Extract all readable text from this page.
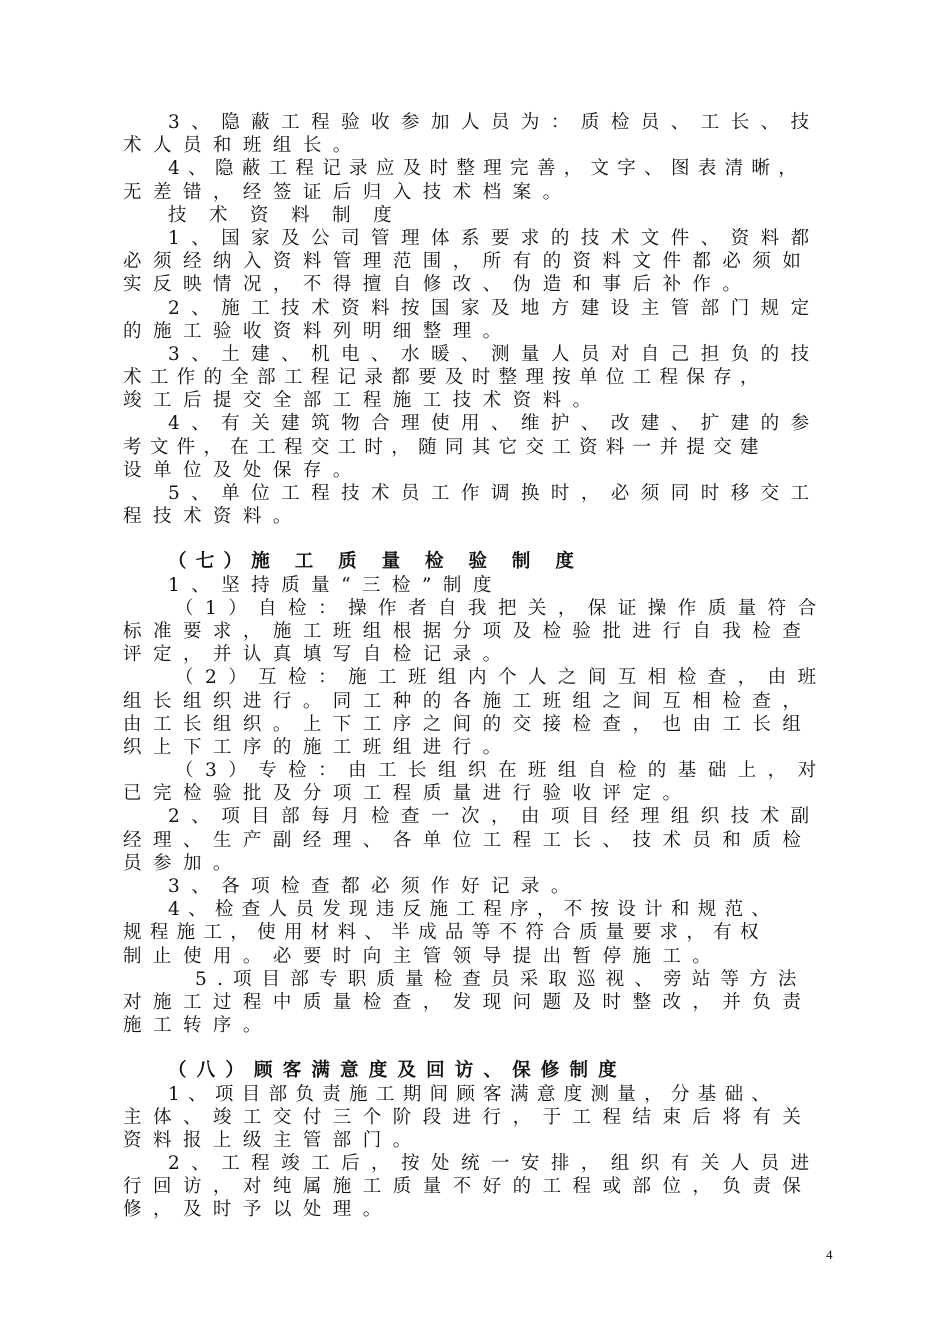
3、隐蔽工程验收参加人员为：质检员、工长、技
术人员和班组长。
4、隐蔽工程记录应及时整理完善，文字、图表清晰，
无差错，经签证后归入技术档案。
技 术 资 料 制 度
1、国家及公司管理体系要求的技术文件、资料都
必须经纳入资料管理范围，所有的资料文件都必须如
实反映情况，不得擅自修改、伪造和事后补作。
2、施工技术资料按国家及地方建设主管部门规定
的施工验收资料列明细整理。
3、土建、机电、水暖、测量人员对自己担负的技
术工作的全部工程记录都要及时整理按单位工程保存，
竣工后提交全部工程施工技术资料。
4、有关建筑物合理使用、维护、改建、扩建的参
考文件，在工程交工时，随同其它交工资料一并提交建
设单位及处保存。
5、单位工程技术员工作调换时，必须同时移交工
程技术资料。
（七）施 工 质 量 检 验 制 度
1、坚持质量“三检”制度
（1）自检：操作者自我把关，保证操作质量符合
标准要求，施工班组根据分项及检验批进行自我检查
评定，并认真填写自检记录。
（2）互检：施工班组内个人之间互相检查，由班
组长组织进行。同工种的各施工班组之间互相检查，
由工长组织。上下工序之间的交接检查，也由工长组
织上下工序的施工班组进行。
（3）专检：由工长组织在班组自检的基础上，对
已完检验批及分项工程质量进行验收评定。
2、项目部每月检查一次，由项目经理组织技术副
经理、生产副经理、各单位工程工长、技术员和质检
员参加。
3、各项检查都必须作好记录。
4、检查人员发现违反施工程序，不按设计和规范、
规程施工，使用材料、半成品等不符合质量要求，有权
制止使用。必要时向主管领导提出暂停施工。
5.项目部专职质量检查员采取巡视、旁站等方法
对施工过程中质量检查，发现问题及时整改，并负责
施工转序。
（八）顾客满意度及回访、保修制度
1、项目部负责施工期间顾客满意度测量，分基础、
主体、竣工交付三个阶段进行，于工程结束后将有关
资料报上级主管部门。
2、工程竣工后，按处统一安排，组织有关人员进
行回访，对纯属施工质量不好的工程或部位，负责保
修，及时予以处理。
4
